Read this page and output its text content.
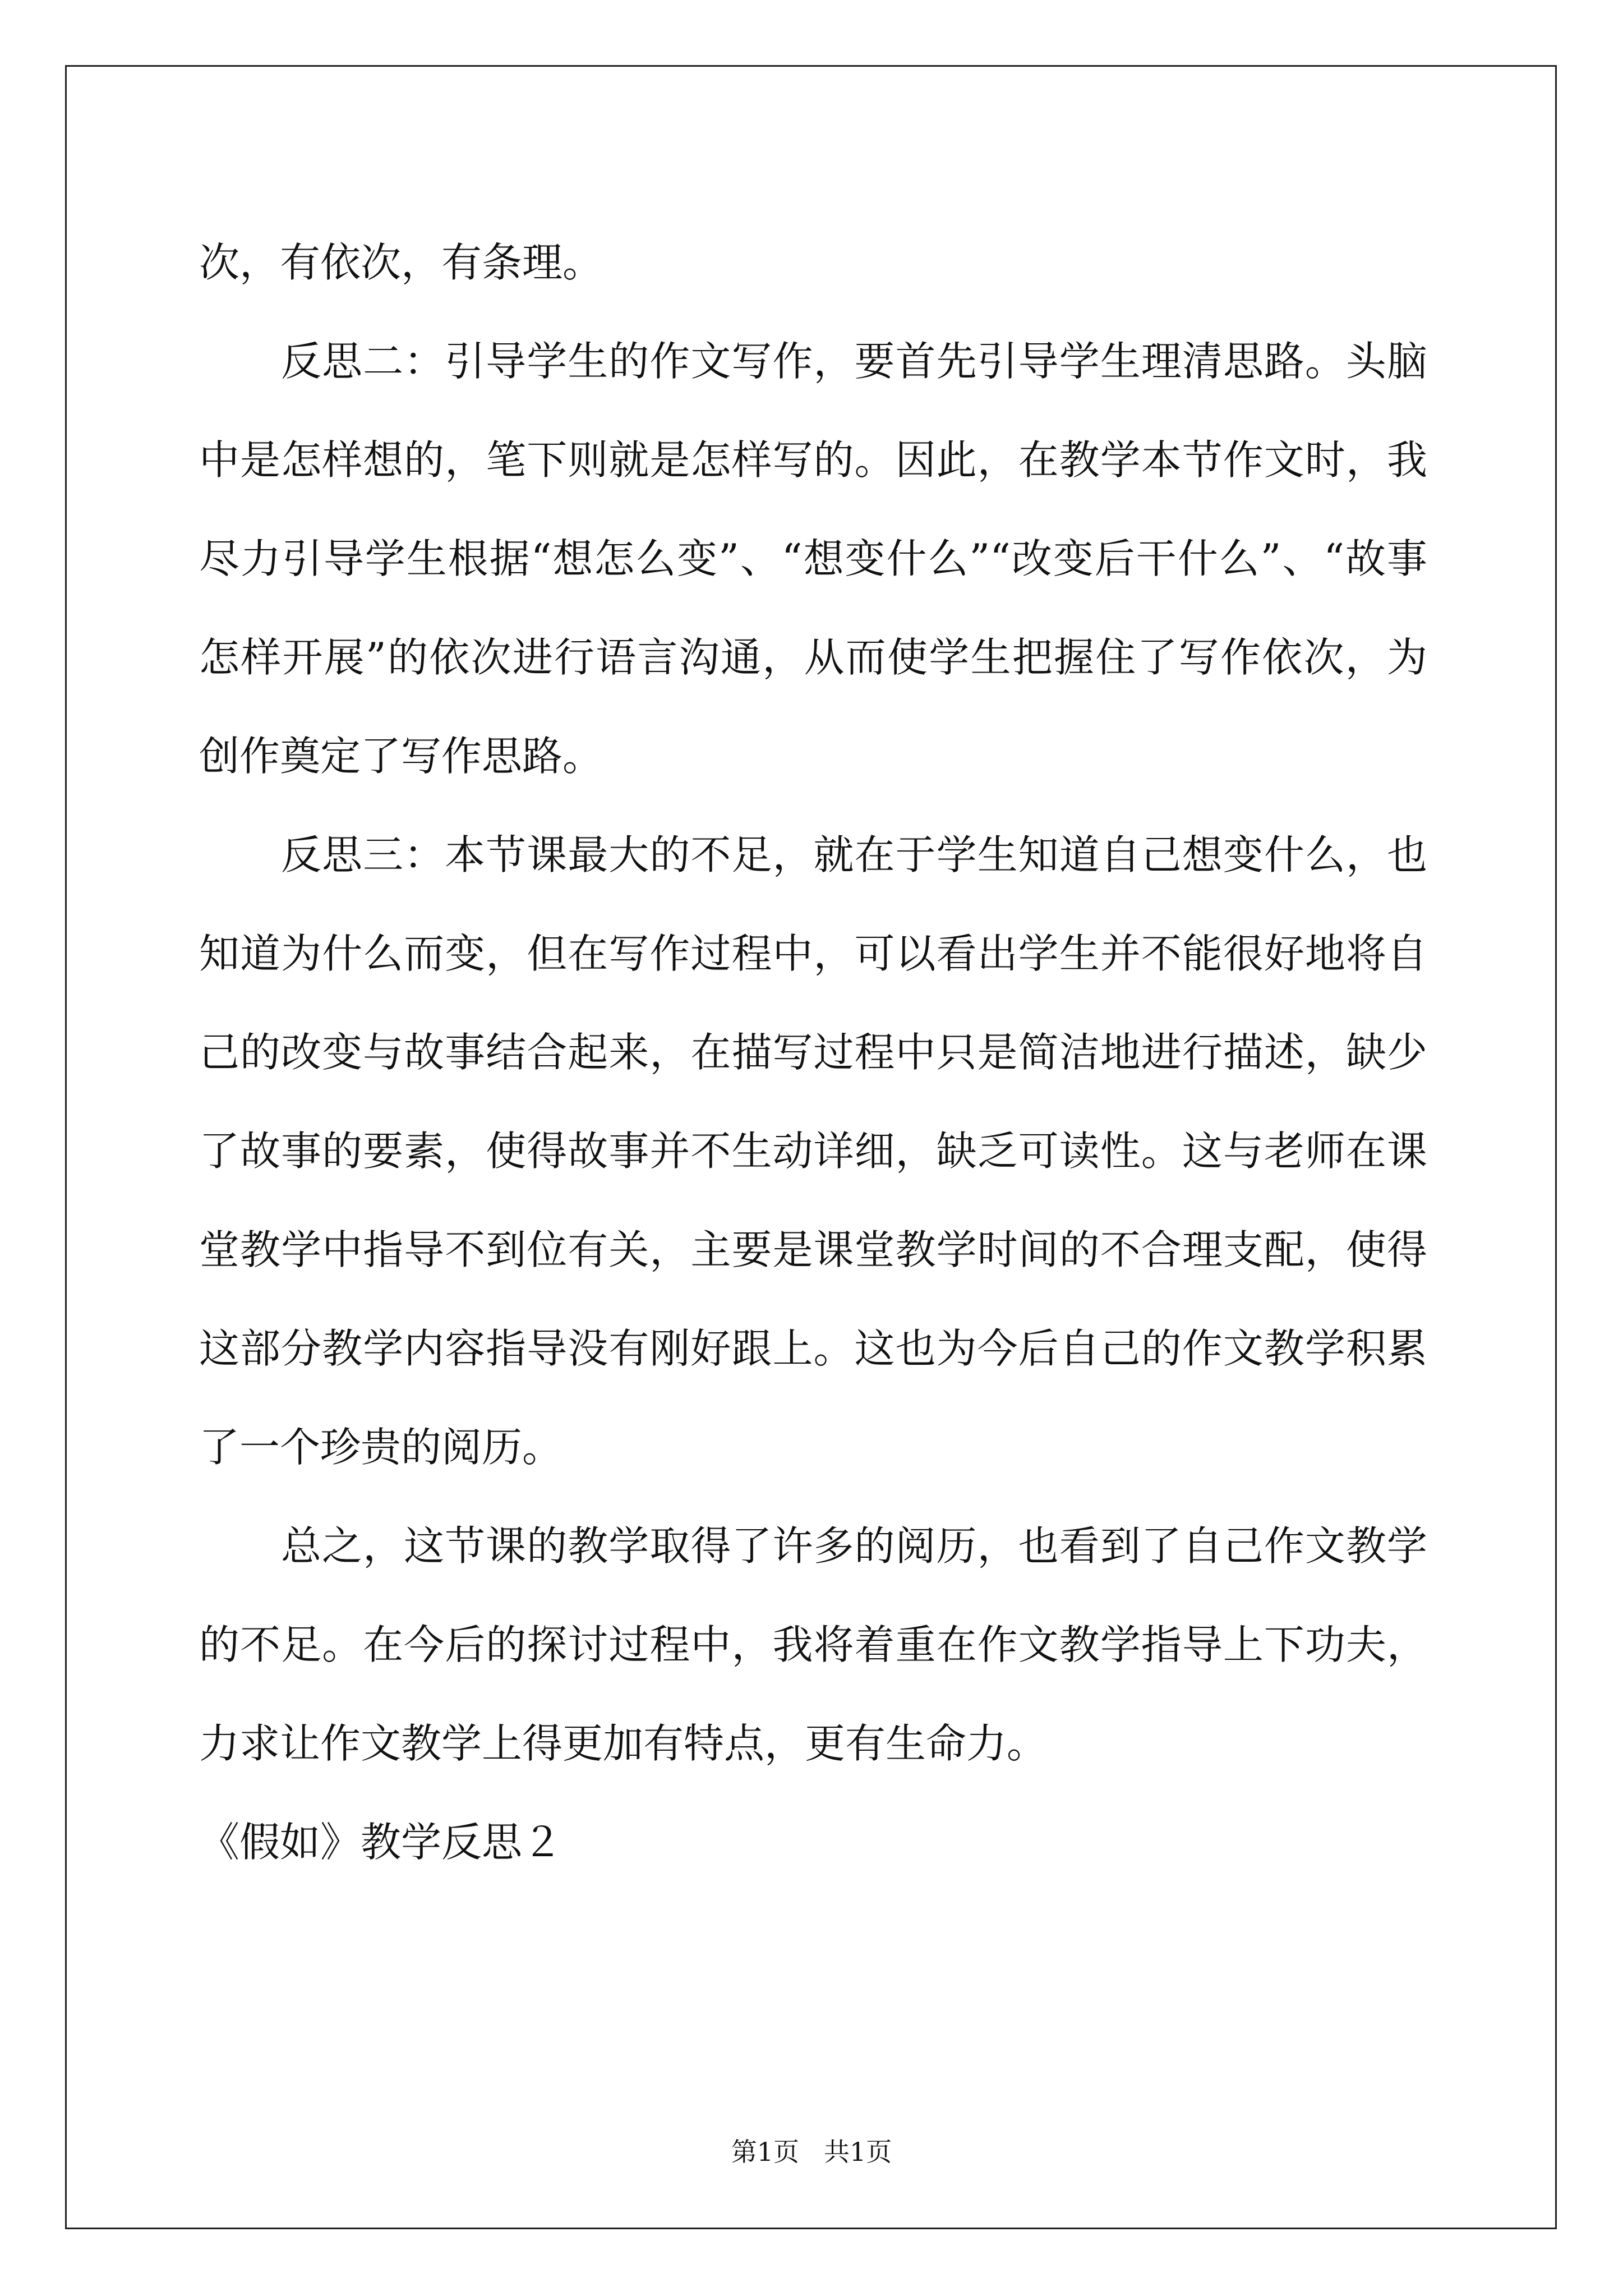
次，有依次，有条理。

反思二：引导学生的作文写作，要首先引导学生理清思路。头脑中是怎样想的，笔下则就是怎样写的。因此，在教学本节作文时，我尽力引导学生根据“想怎么变”、“想变什么”“改变后干什么”、“故事怎样开展”的依次进行语言沟通，从而使学生把握住了写作依次，为创作奠定了写作思路。

反思三：本节课最大的不足，就在于学生知道自己想变什么，也知道为什么而变，但在写作过程中，可以看出学生并不能很好地将自己的改变与故事结合起来，在描写过程中只是简洁地进行描述，缺少了故事的要素，使得故事并不生动详细，缺乏可读性。这与老师在课堂教学中指导不到位有关，主要是课堂教学时间的不合理支配，使得这部分教学内容指导没有刚好跟上。这也为今后自己的作文教学积累了一个珍贵的阅历。

总之，这节课的教学取得了许多的阅历，也看到了自己作文教学的不足。在今后的探讨过程中，我将着重在作文教学指导上下功夫，力求让作文教学上得更加有特点，更有生命力。

《假如》教学反思２

第1页 共1页
